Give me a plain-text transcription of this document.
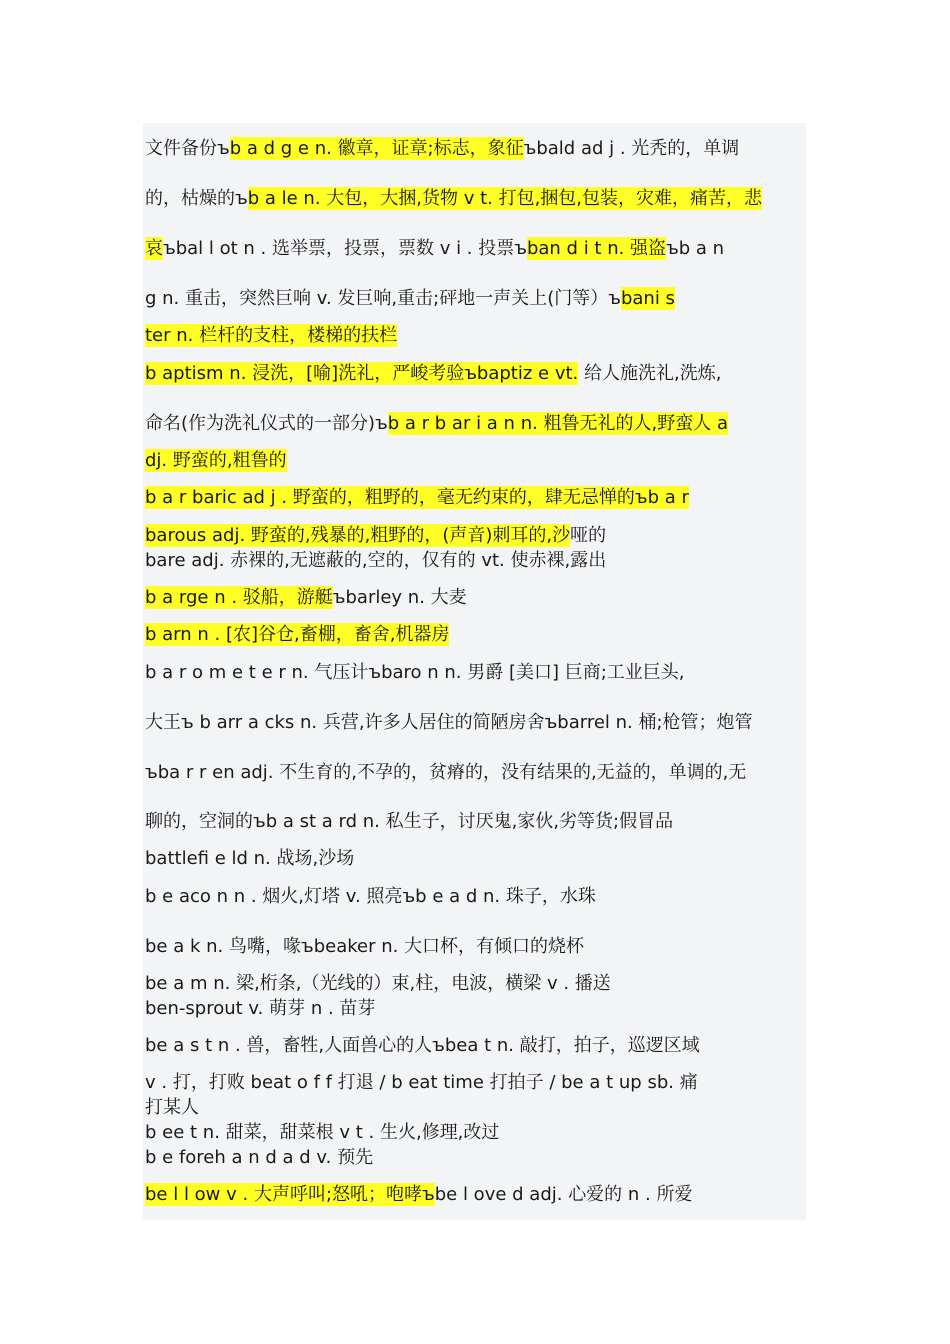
文件备份ъb a d g e n. 徽章，证章;标志，象征ъbald ad j . 光秃的，单调
的，枯燥的ъb a le n. 大包，大捆,货物 v t. 打包,捆包,包装，灾难，痛苦，悲
哀ъbal l ot n . 选举票，投票，票数 v i . 投票ъban d i t n. 强盗ъb a n
g n. 重击，突然巨响 v. 发巨响,重击;砰地一声关上(门等）ъbani s
ter n. 栏杆的支柱，楼梯的扶栏
b aptism n. 浸洗，[喻]洗礼，严峻考验ъbaptiz e vt. 给人施洗礼,洗炼,
命名(作为洗礼仪式的一部分)ъb a r b ar i a n n. 粗鲁无礼的人,野蛮人 a
dj. 野蛮的,粗鲁的
b a r baric ad j . 野蛮的，粗野的，毫无约束的，肆无忌惮的ъb a r
barous adj. 野蛮的,残暴的,粗野的，(声音)刺耳的,沙哑的
bare adj. 赤裸的,无遮蔽的,空的，仅有的 vt. 使赤裸,露出
b a rge n . 驳船，游艇ъbarley n. 大麦
b arn n . [农]谷仓,畜棚，畜舍,机器房
b a r o m e t e r n. 气压计ъbaro n n. 男爵 [美口] 巨商;工业巨头,
大王ъ b arr a cks n. 兵营,许多人居住的简陋房舍ъbarrel n. 桶;枪管；炮管
ъba r r en adj. 不生育的,不孕的，贫瘠的，没有结果的,无益的，单调的,无
聊的，空洞的ъb a st a rd n. 私生子，讨厌鬼,家伙,劣等货;假冒品
battlefi e ld n. 战场,沙场
b e aco n n . 烟火,灯塔 v. 照亮ъb e a d n. 珠子，水珠
be a k n. 鸟嘴，喙ъbeaker n. 大口杯，有倾口的烧杯
be a m n. 梁,桁条,（光线的）束,柱，电波，横梁 v . 播送
ben-sprout v. 萌芽 n . 苗芽
be a s t n . 兽，畜牲,人面兽心的人ъbea t n. 敲打，拍子，巡逻区域
v . 打，打败 beat o f f 打退 / b eat time 打拍子 / be a t up sb. 痛
打某人
b ee t n. 甜菜，甜菜根 v t . 生火,修理,改过
b e foreh a n d a d v. 预先
be l l ow v . 大声呼叫;怒吼；咆哮ъbe l ove d adj. 心爱的 n . 所爱
